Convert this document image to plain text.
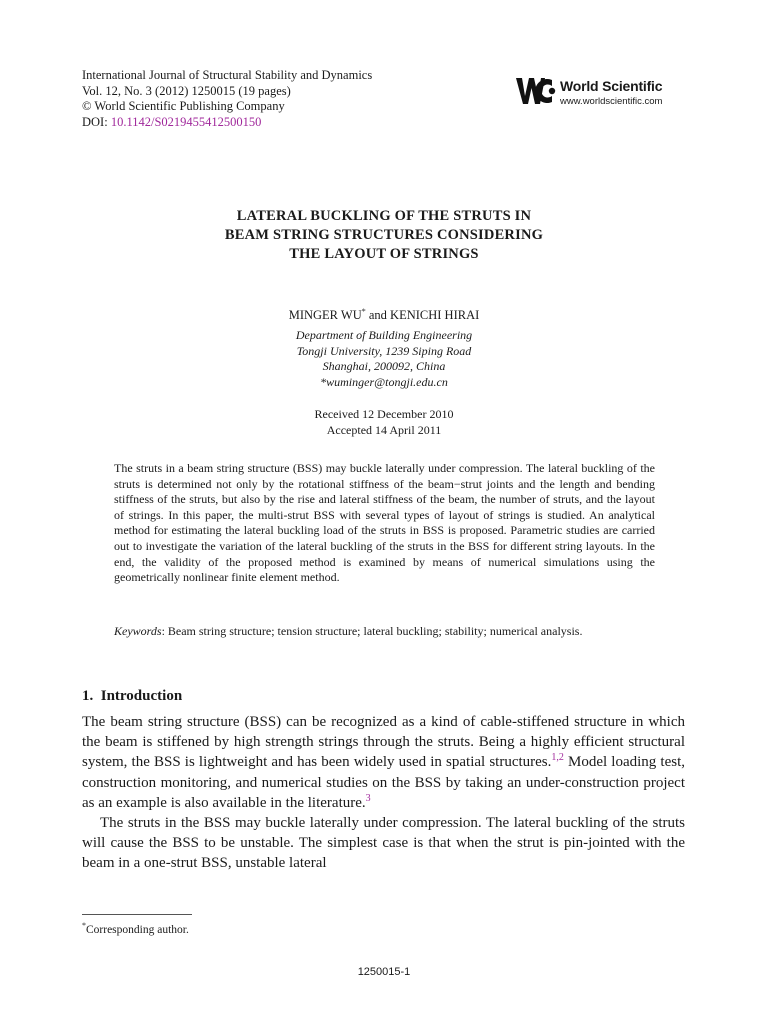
International Journal of Structural Stability and Dynamics
Vol. 12, No. 3 (2012) 1250015 (19 pages)
© World Scientific Publishing Company
DOI: 10.1142/S0219455412500150
World Scientific
www.worldscientific.com
LATERAL BUCKLING OF THE STRUTS IN
BEAM STRING STRUCTURES CONSIDERING
THE LAYOUT OF STRINGS
MINGER WU* and KENICHI HIRAI
Department of Building Engineering
Tongji University, 1239 Siping Road
Shanghai, 200092, China
*wuminger@tongji.edu.cn
Received 12 December 2010
Accepted 14 April 2011
The struts in a beam string structure (BSS) may buckle laterally under compression. The lateral buckling of the struts is determined not only by the rotational stiffness of the beam−strut joints and the length and bending stiffness of the struts, but also by the rise and lateral stiffness of the beam, the number of struts, and the layout of strings. In this paper, the multi-strut BSS with several types of layout of strings is studied. An analytical method for estimating the lateral buckling load of the struts in BSS is proposed. Parametric studies are carried out to investigate the variation of the lateral buckling of the struts in the BSS for different string layouts. In the end, the validity of the proposed method is examined by means of numerical simulations using the geometrically nonlinear finite element method.
Keywords: Beam string structure; tension structure; lateral buckling; stability; numerical analysis.
1. Introduction

The beam string structure (BSS) can be recognized as a kind of cable-stiffened structure in which the beam is stiffened by high strength strings through the struts. Being a highly efficient structural system, the BSS is lightweight and has been widely used in spatial structures.$^{1,2}$ Model loading test, construction monitoring, and numerical studies on the BSS by taking an under-construction project as an example is also available in the literature.$^3$

The struts in the BSS may buckle laterally under compression. The lateral buckling of the struts will cause the BSS to be unstable. The simplest case is that when the strut is pin-jointed with the beam in a one-strut BSS, unstable lateral

*Corresponding author.
1250015-1
